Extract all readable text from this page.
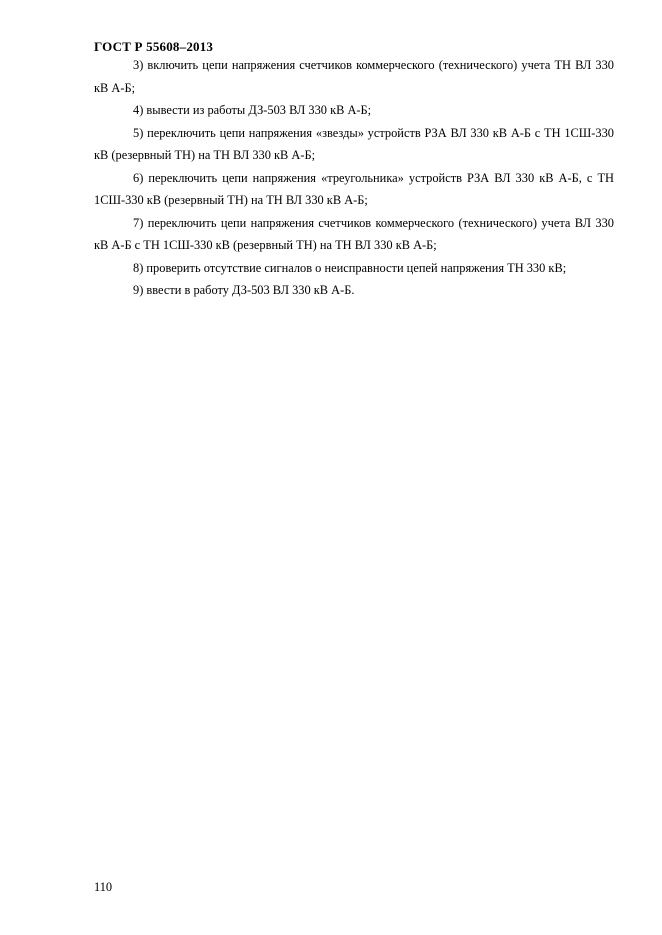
ГОСТ Р 55608–2013

3) включить цепи напряжения счетчиков коммерческого (технического) учета ТН ВЛ 330 кВ А-Б;

4) вывести из работы ДЗ-503 ВЛ 330 кВ А-Б;

5) переключить цепи напряжения «звезды» устройств РЗА ВЛ 330 кВ А-Б с ТН 1СШ-330 кВ (резервный ТН) на ТН ВЛ 330 кВ А-Б;

6) переключить цепи напряжения «треугольника» устройств РЗА ВЛ 330 кВ А-Б, с ТН 1СШ-330 кВ (резервный ТН) на ТН ВЛ 330 кВ А-Б;

7) переключить цепи напряжения счетчиков коммерческого (технического) учета ВЛ 330 кВ А-Б с ТН 1СШ-330 кВ (резервный ТН) на ТН ВЛ 330 кВ А-Б;

8) проверить отсутствие сигналов о неисправности цепей напряжения ТН 330 кВ;

9) ввести в работу ДЗ-503 ВЛ 330 кВ А-Б.

110
